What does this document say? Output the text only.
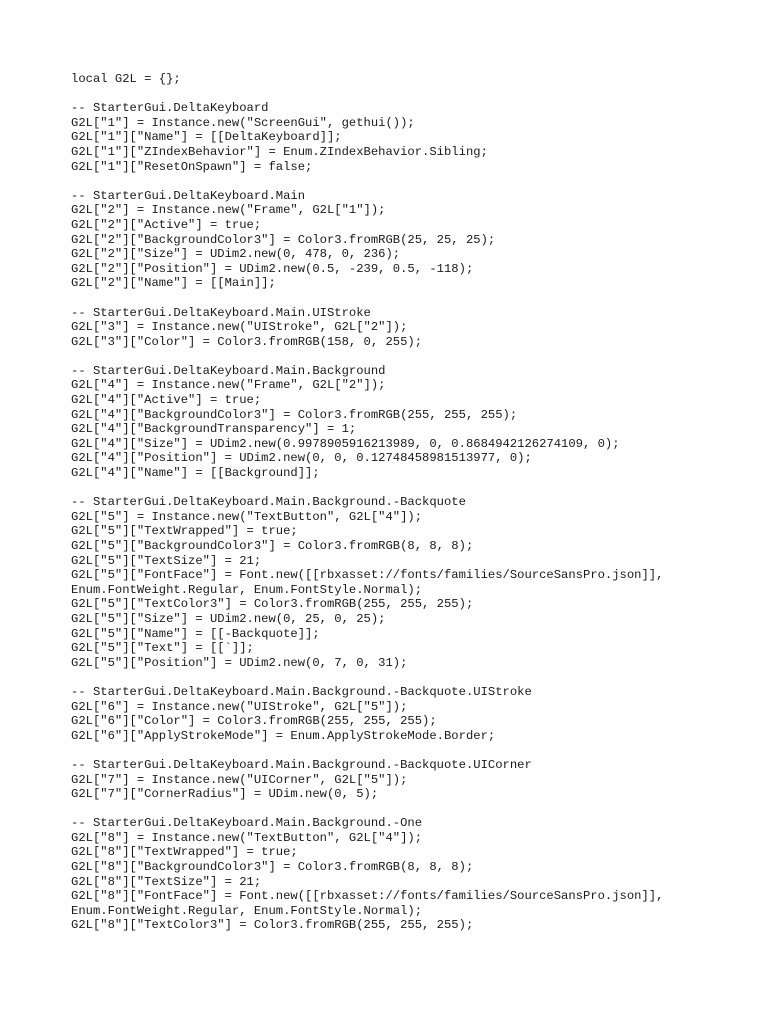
local G2L = {};
-- StarterGui.DeltaKeyboard
G2L["1"] = Instance.new("ScreenGui", gethui());
G2L["1"]["Name"] = [[DeltaKeyboard]];
G2L["1"]["ZIndexBehavior"] = Enum.ZIndexBehavior.Sibling;
G2L["1"]["ResetOnSpawn"] = false;
-- StarterGui.DeltaKeyboard.Main
G2L["2"] = Instance.new("Frame", G2L["1"]);
G2L["2"]["Active"] = true;
G2L["2"]["BackgroundColor3"] = Color3.fromRGB(25, 25, 25);
G2L["2"]["Size"] = UDim2.new(0, 478, 0, 236);
G2L["2"]["Position"] = UDim2.new(0.5, -239, 0.5, -118);
G2L["2"]["Name"] = [[Main]];
-- StarterGui.DeltaKeyboard.Main.UIStroke
G2L["3"] = Instance.new("UIStroke", G2L["2"]);
G2L["3"]["Color"] = Color3.fromRGB(158, 0, 255);
-- StarterGui.DeltaKeyboard.Main.Background
G2L["4"] = Instance.new("Frame", G2L["2"]);
G2L["4"]["Active"] = true;
G2L["4"]["BackgroundColor3"] = Color3.fromRGB(255, 255, 255);
G2L["4"]["BackgroundTransparency"] = 1;
G2L["4"]["Size"] = UDim2.new(0.9978905916213989, 0, 0.8684942126274109, 0);
G2L["4"]["Position"] = UDim2.new(0, 0, 0.12748458981513977, 0);
G2L["4"]["Name"] = [[Background]];
-- StarterGui.DeltaKeyboard.Main.Background.-Backquote
G2L["5"] = Instance.new("TextButton", G2L["4"]);
G2L["5"]["TextWrapped"] = true;
G2L["5"]["BackgroundColor3"] = Color3.fromRGB(8, 8, 8);
G2L["5"]["TextSize"] = 21;
G2L["5"]["FontFace"] = Font.new([[rbxasset://fonts/families/SourceSansPro.json]],
Enum.FontWeight.Regular, Enum.FontStyle.Normal);
G2L["5"]["TextColor3"] = Color3.fromRGB(255, 255, 255);
G2L["5"]["Size"] = UDim2.new(0, 25, 0, 25);
G2L["5"]["Name"] = [[-Backquote]];
G2L["5"]["Text"] = [[`]];
G2L["5"]["Position"] = UDim2.new(0, 7, 0, 31);
-- StarterGui.DeltaKeyboard.Main.Background.-Backquote.UIStroke
G2L["6"] = Instance.new("UIStroke", G2L["5"]);
G2L["6"]["Color"] = Color3.fromRGB(255, 255, 255);
G2L["6"]["ApplyStrokeMode"] = Enum.ApplyStrokeMode.Border;
-- StarterGui.DeltaKeyboard.Main.Background.-Backquote.UICorner
G2L["7"] = Instance.new("UICorner", G2L["5"]);
G2L["7"]["CornerRadius"] = UDim.new(0, 5);
-- StarterGui.DeltaKeyboard.Main.Background.-One
G2L["8"] = Instance.new("TextButton", G2L["4"]);
G2L["8"]["TextWrapped"] = true;
G2L["8"]["BackgroundColor3"] = Color3.fromRGB(8, 8, 8);
G2L["8"]["TextSize"] = 21;
G2L["8"]["FontFace"] = Font.new([[rbxasset://fonts/families/SourceSansPro.json]],
Enum.FontWeight.Regular, Enum.FontStyle.Normal);
G2L["8"]["TextColor3"] = Color3.fromRGB(255, 255, 255);
